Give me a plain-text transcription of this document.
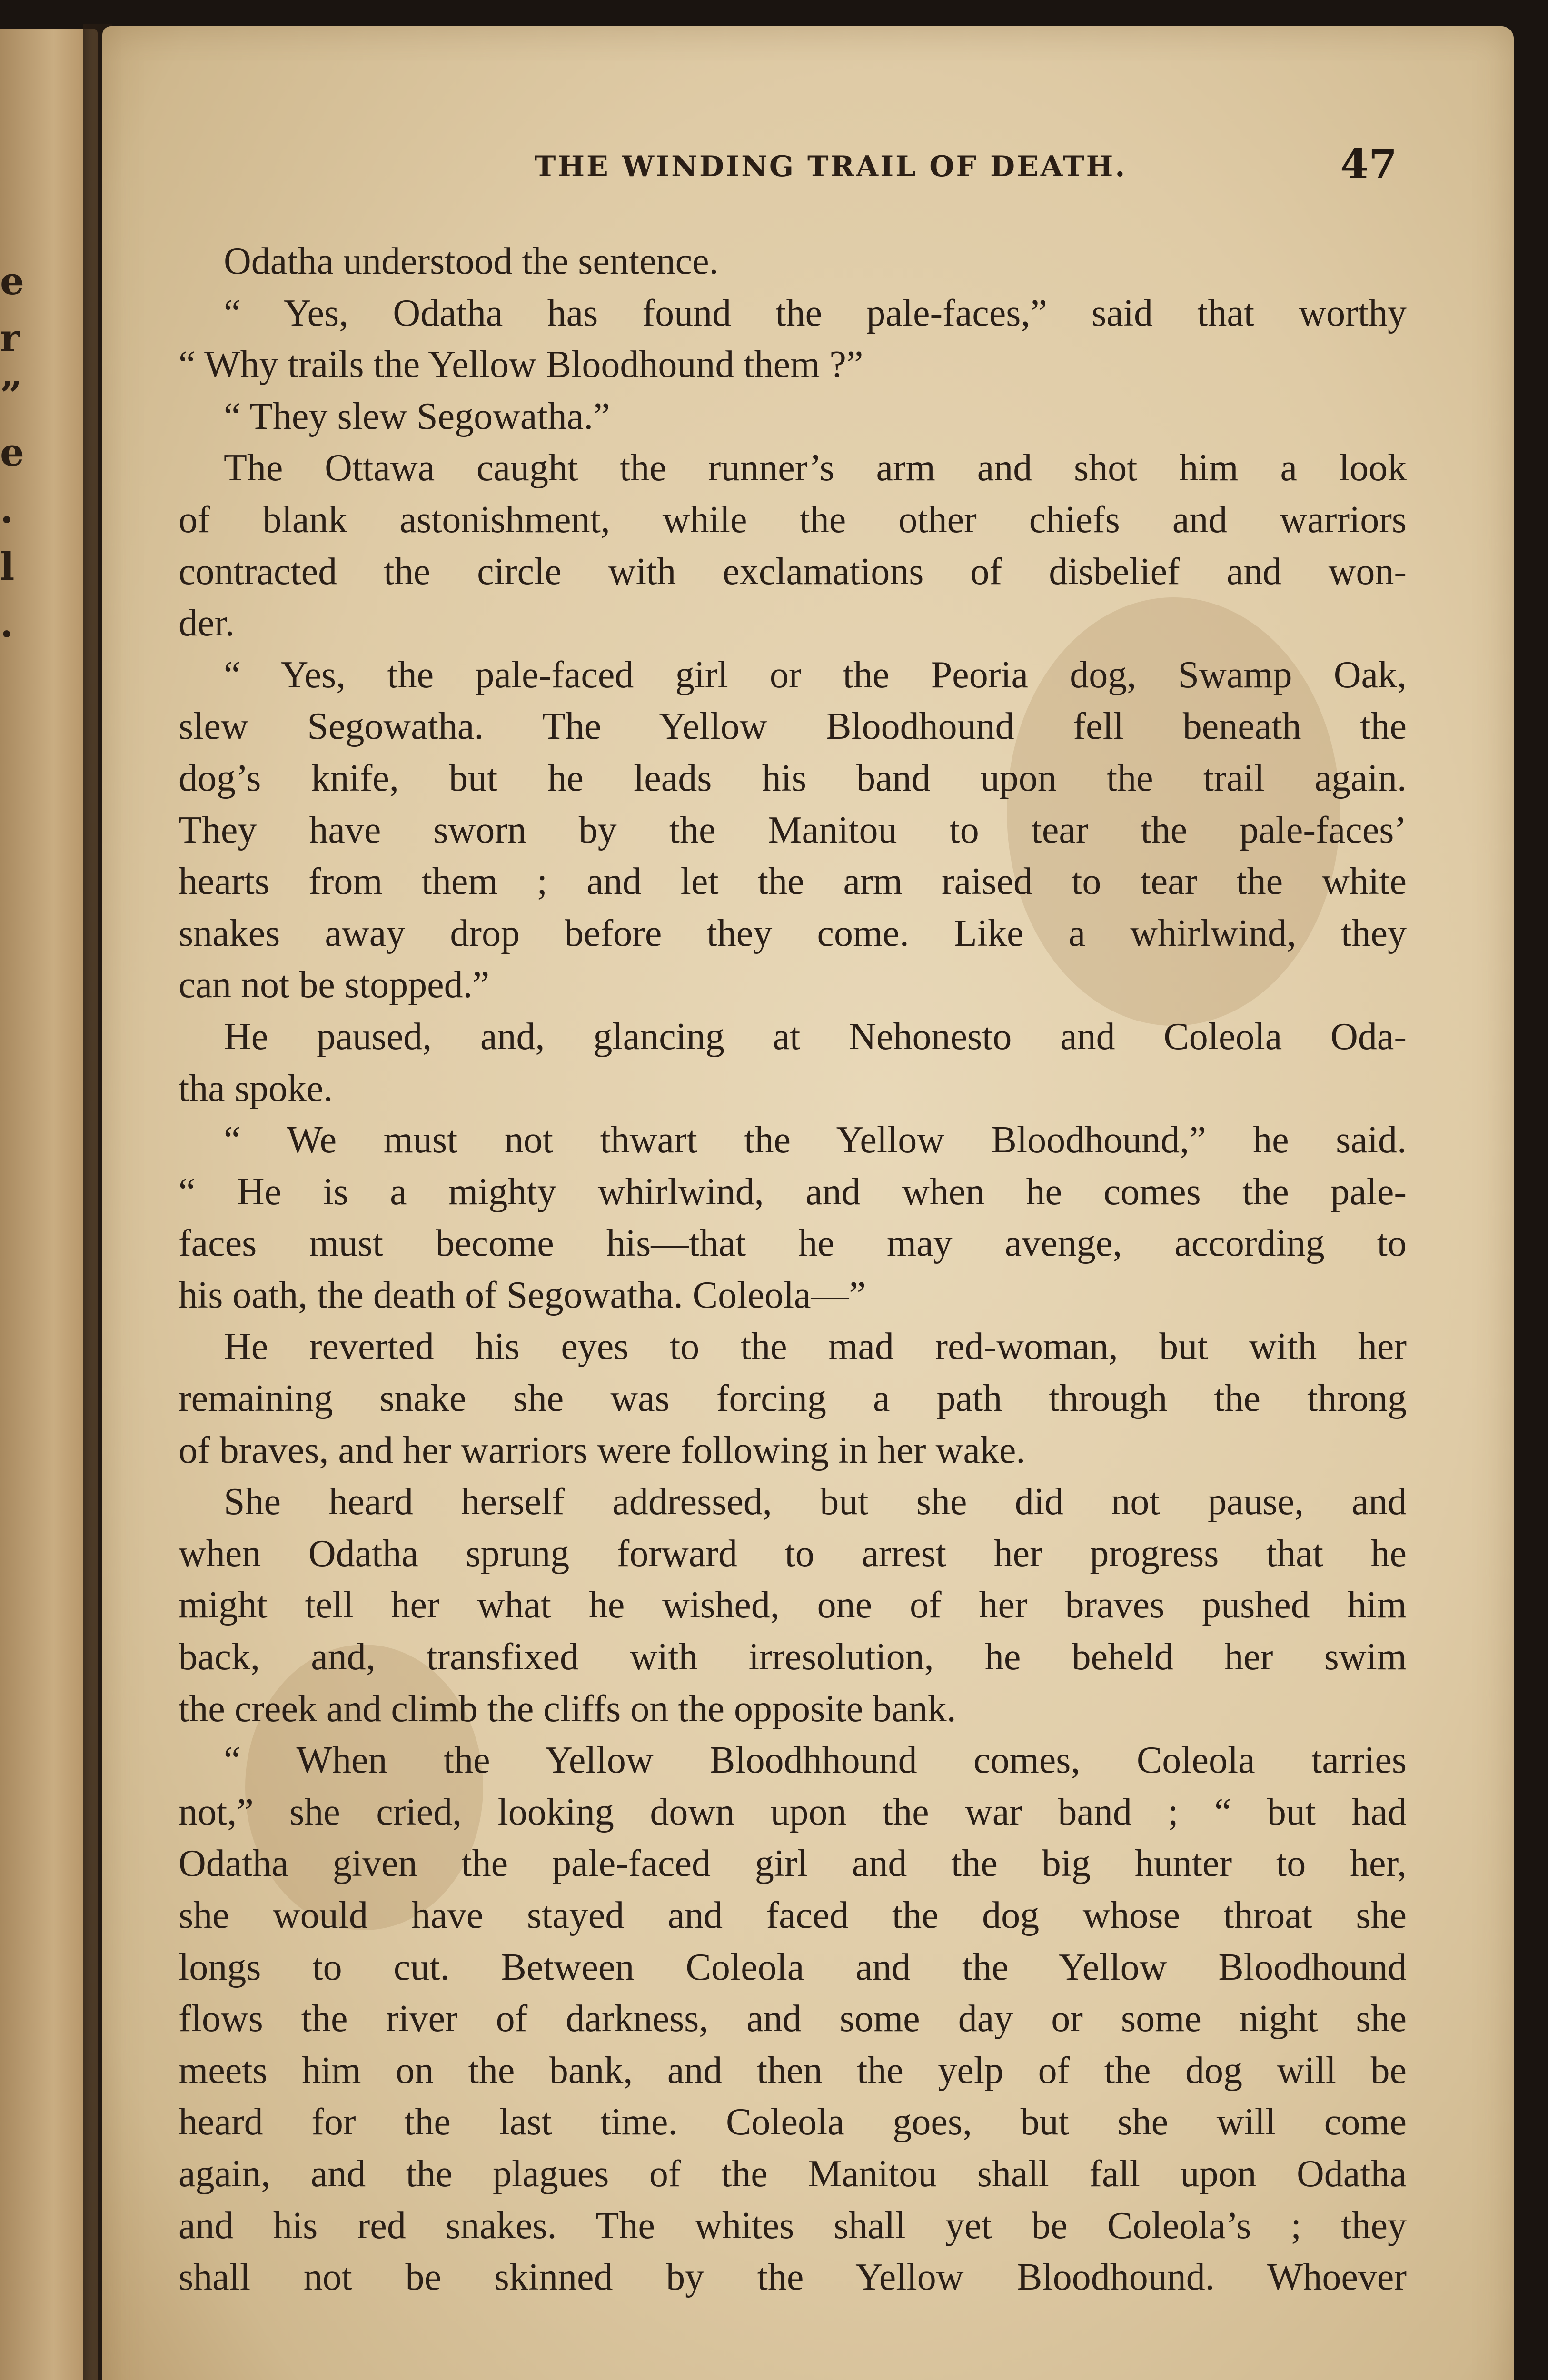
e
r
”
e
.
l
.
THE WINDING TRAIL OF DEATH.	47
Odatha understood the sentence.
“ Yes, Odatha has found the pale-faces,” said that worthy
“ Why trails the Yellow Bloodhound them ?”
“ They slew Segowatha.”
The Ottawa caught the runner’s arm and shot him a look
of blank astonishment, while the other chiefs and warriors
contracted the circle with exclamations of disbelief and won-
der.
“ Yes, the pale-faced girl or the Peoria dog, Swamp Oak,
slew Segowatha. The Yellow Bloodhound fell beneath the
dog’s knife, but he leads his band upon the trail again.
They have sworn by the Manitou to tear the pale-faces’
hearts from them ; and let the arm raised to tear the white
snakes away drop before they come. Like a whirlwind, they
can not be stopped.”
He paused, and, glancing at Nehonesto and Coleola Oda-
tha spoke.
“ We must not thwart the Yellow Bloodhound,” he said.
“ He is a mighty whirlwind, and when he comes the pale-
faces must become his—that he may avenge, according to
his oath, the death of Segowatha. Coleola—”
He reverted his eyes to the mad red-woman, but with her
remaining snake she was forcing a path through the throng
of braves, and her warriors were following in her wake.
She heard herself addressed, but she did not pause, and
when Odatha sprung forward to arrest her progress that he
might tell her what he wished, one of her braves pushed him
back, and, transfixed with irresolution, he beheld her swim
the creek and climb the cliffs on the opposite bank.
“ When the Yellow Bloodhhound comes, Coleola tarries
not,” she cried, looking down upon the war band ; “ but had
Odatha given the pale-faced girl and the big hunter to her,
she would have stayed and faced the dog whose throat she
longs to cut. Between Coleola and the Yellow Bloodhound
flows the river of darkness, and some day or some night she
meets him on the bank, and then the yelp of the dog will be
heard for the last time. Coleola goes, but she will come
again, and the plagues of the Manitou shall fall upon Odatha
and his red snakes. The whites shall yet be Coleola’s ; they
shall not be skinned by the Yellow Bloodhound. Whoever
